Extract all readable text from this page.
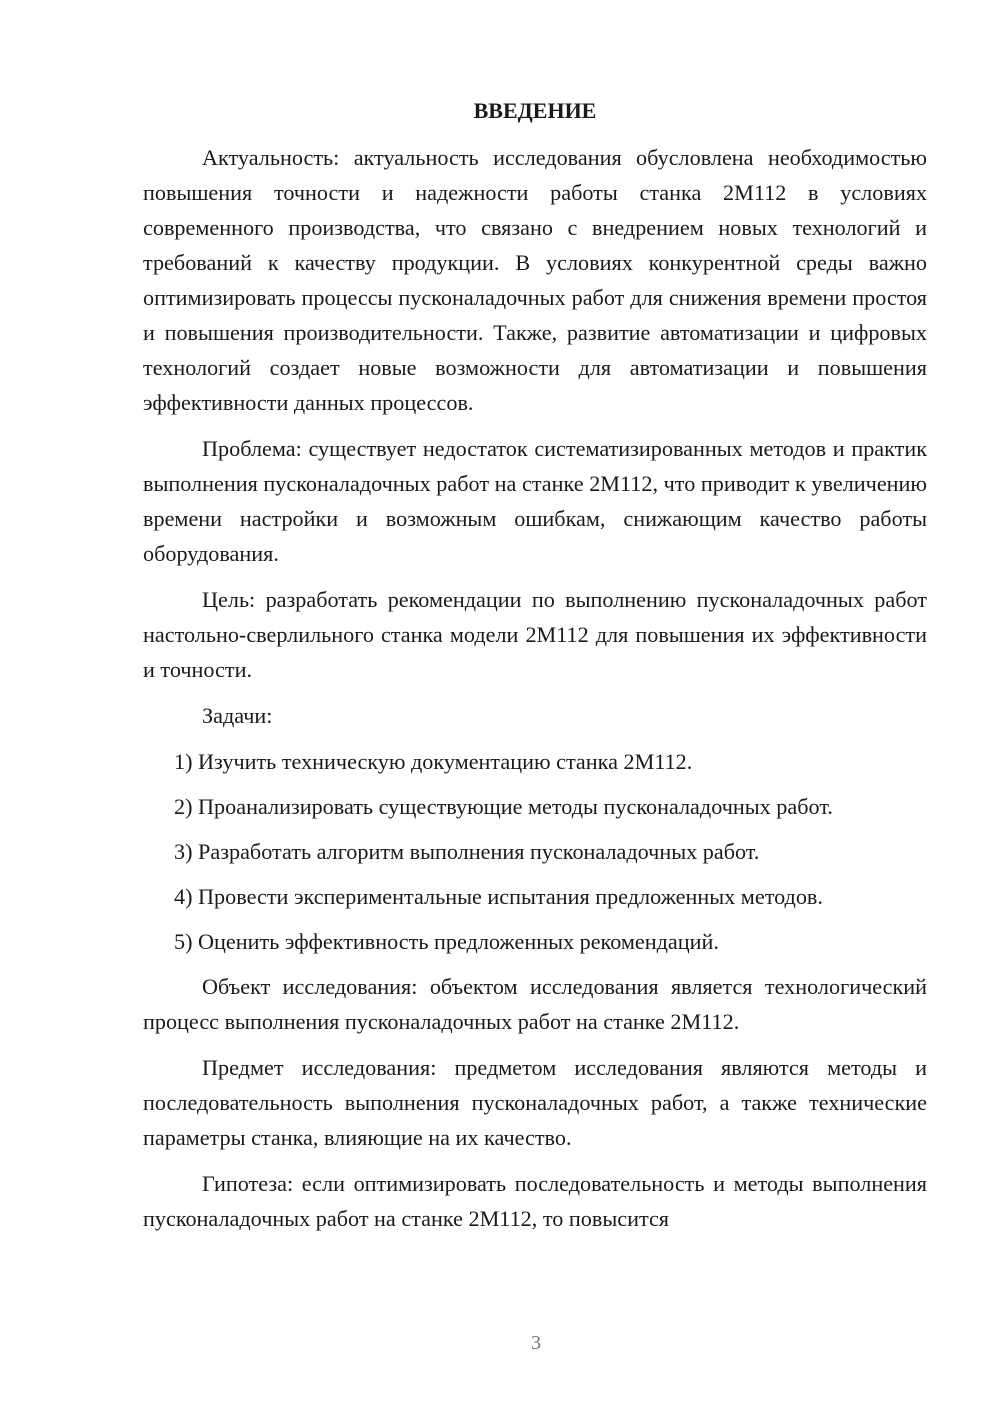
ВВЕДЕНИЕ

Актуальность: актуальность исследования обусловлена необходимостью повышения точности и надежности работы станка 2М112 в условиях современного производства, что связано с внедрением новых технологий и требований к качеству продукции. В условиях конкурентной среды важно оптимизировать процессы пусконаладочных работ для снижения времени простоя и повышения производительности. Также, развитие автоматизации и цифровых технологий создает новые возможности для автоматизации и повышения эффективности данных процессов.

Проблема: существует недостаток систематизированных методов и практик выполнения пусконаладочных работ на станке 2М112, что приводит к увеличению времени настройки и возможным ошибкам, снижающим качество работы оборудования.

Цель: разработать рекомендации по выполнению пусконаладочных работ настольно-сверлильного станка модели 2М112 для повышения их эффективности и точности.

Задачи:

1) Изучить техническую документацию станка 2М112.
2) Проанализировать существующие методы пусконаладочных работ.
3) Разработать алгоритм выполнения пусконаладочных работ.
4) Провести экспериментальные испытания предложенных методов.
5) Оценить эффективность предложенных рекомендаций.

Объект исследования: объектом исследования является технологический процесс выполнения пусконаладочных работ на станке 2М112.

Предмет исследования: предметом исследования являются методы и последовательность выполнения пусконаладочных работ, а также технические параметры станка, влияющие на их качество.

Гипотеза: если оптимизировать последовательность и методы выполнения пусконаладочных работ на станке 2М112, то повысится

3
